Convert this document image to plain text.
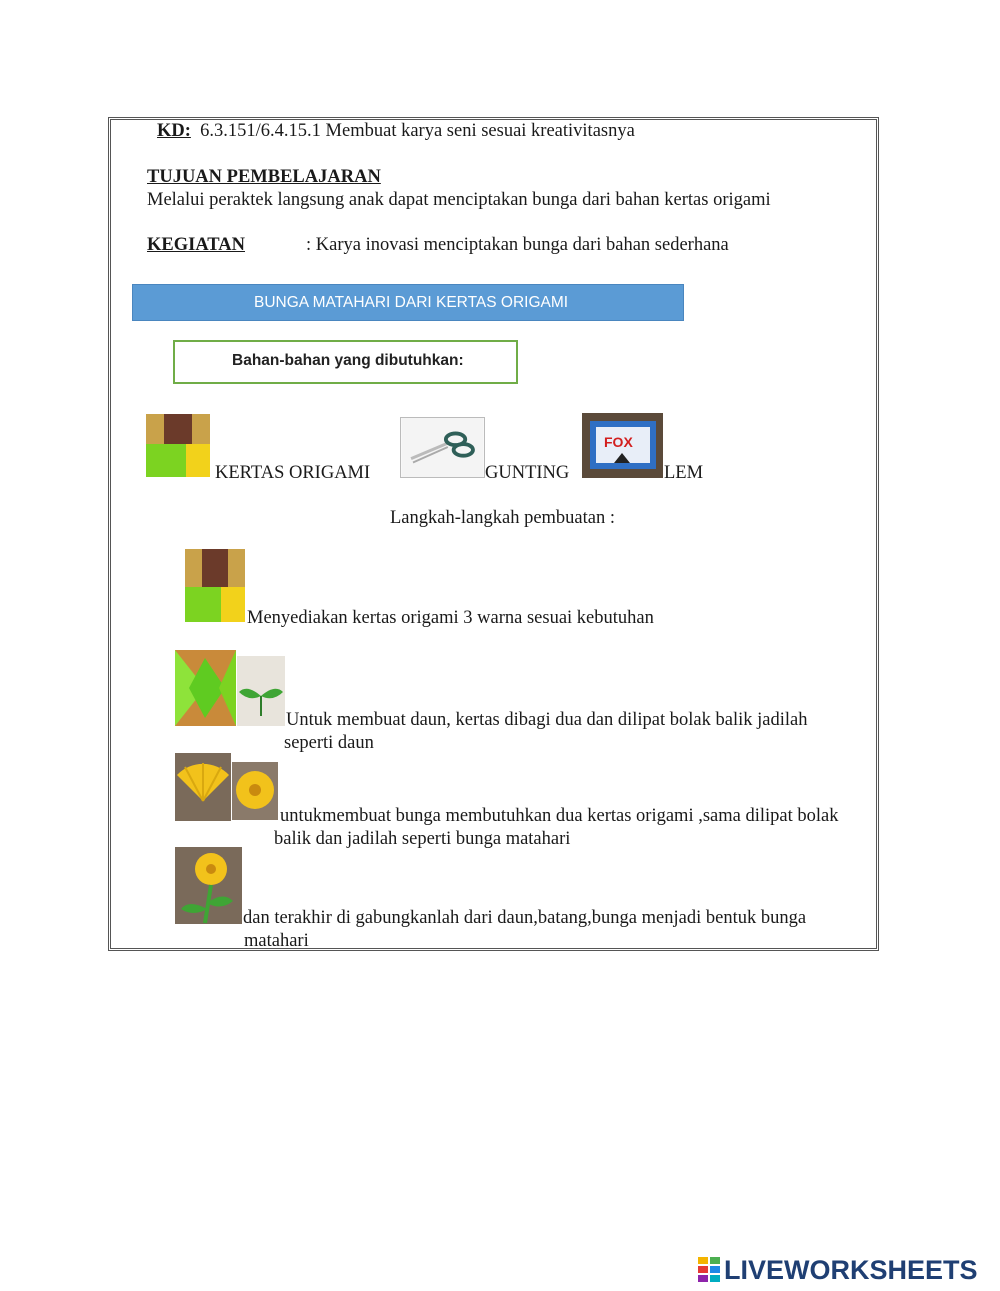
KD: 6.3.151/6.4.15.1 Membuat karya seni sesuai kreativitasnya
TUJUAN PEMBELAJARAN
Melalui peraktek langsung anak dapat menciptakan bunga dari bahan kertas origami
KEGIATAN	: Karya inovasi menciptakan bunga dari bahan sederhana
BUNGA MATAHARI DARI KERTAS ORIGAMI
Bahan-bahan yang dibutuhkan:
KERTAS ORIGAMI	GUNTING
FOX
LEM
Langkah-langkah pembuatan :
Menyediakan kertas origami 3 warna sesuai kebutuhan
Untuk membuat daun, kertas dibagi dua dan dilipat bolak balik jadilah
seperti daun
untukmembuat bunga membutuhkan dua kertas origami ,sama dilipat bolak
balik dan jadilah seperti bunga matahari
dan terakhir di gabungkanlah dari daun,batang,bunga menjadi bentuk bunga
matahari
LIVEWORKSHEETS
